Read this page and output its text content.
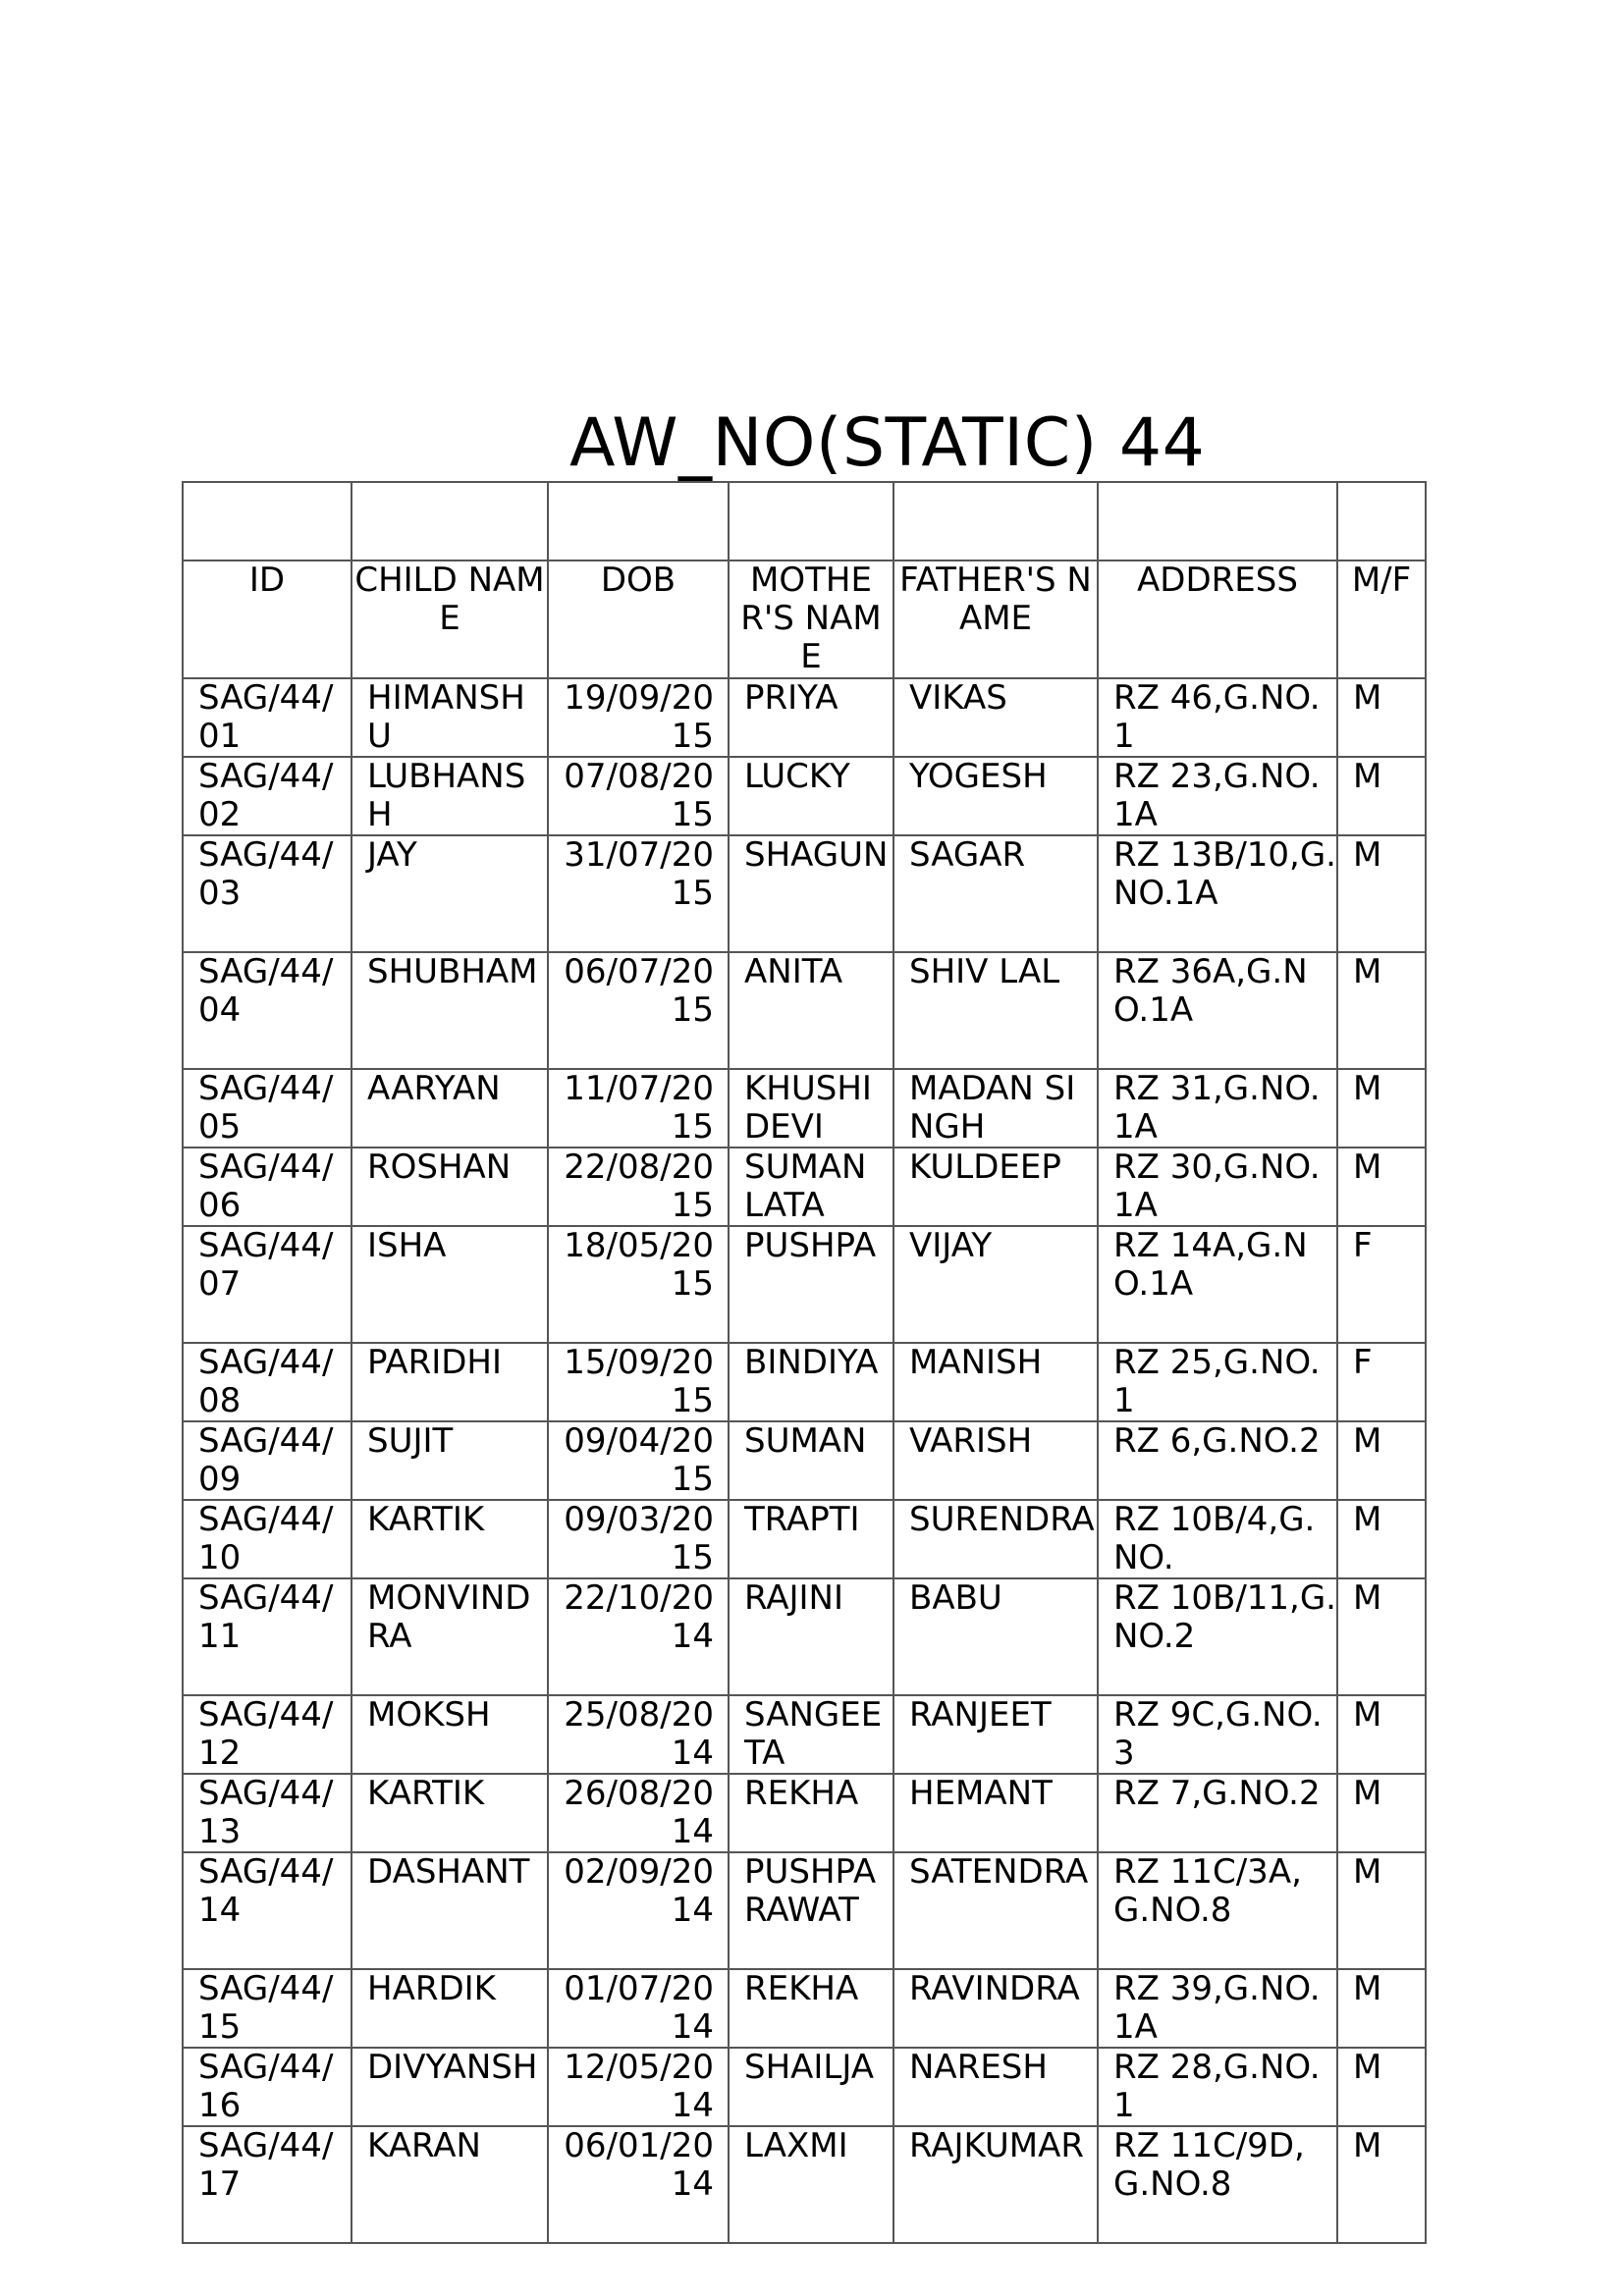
AW_NO(STATIC) 44

ID	CHILD NAME	DOB	MOTHER'S NAME	FATHER'S NAME	ADDRESS	M/F
SAG/44/01	HIMANSHU	19/09/2015	PRIYA	VIKAS	RZ 46,G.NO.1	M
SAG/44/02	LUBHANSH	07/08/2015	LUCKY	YOGESH	RZ 23,G.NO.1A	M
SAG/44/03	JAY	31/07/2015	SHAGUN	SAGAR	RZ 13B/10,G.NO.1A	M
SAG/44/04	SHUBHAM	06/07/2015	ANITA	SHIV LAL	RZ 36A,G.NO.1A	M
SAG/44/05	AARYAN	11/07/2015	KHUSHI DEVI	MADAN SINGH	RZ 31,G.NO.1A	M
SAG/44/06	ROSHAN	22/08/2015	SUMAN LATA	KULDEEP	RZ 30,G.NO.1A	M
SAG/44/07	ISHA	18/05/2015	PUSHPA	VIJAY	RZ 14A,G.NO.1A	F
SAG/44/08	PARIDHI	15/09/2015	BINDIYA	MANISH	RZ 25,G.NO.1	F
SAG/44/09	SUJIT	09/04/2015	SUMAN	VARISH	RZ 6,G.NO.2	M
SAG/44/10	KARTIK	09/03/2015	TRAPTI	SURENDRA	RZ 10B/4,G.NO.	M
SAG/44/11	MONVINDRA	22/10/2014	RAJINI	BABU	RZ 10B/11,G.NO.2	M
SAG/44/12	MOKSH	25/08/2014	SANGEETA	RANJEET	RZ 9C,G.NO.3	M
SAG/44/13	KARTIK	26/08/2014	REKHA	HEMANT	RZ 7,G.NO.2	M
SAG/44/14	DASHANT	02/09/2014	PUSHPA RAWAT	SATENDRA	RZ 11C/3A,G.NO.8	M
SAG/44/15	HARDIK	01/07/2014	REKHA	RAVINDRA	RZ 39,G.NO.1A	M
SAG/44/16	DIVYANSH	12/05/2014	SHAILJA	NARESH	RZ 28,G.NO.1	M
SAG/44/17	KARAN	06/01/2014	LAXMI	RAJKUMAR	RZ 11C/9D,G.NO.8	M
